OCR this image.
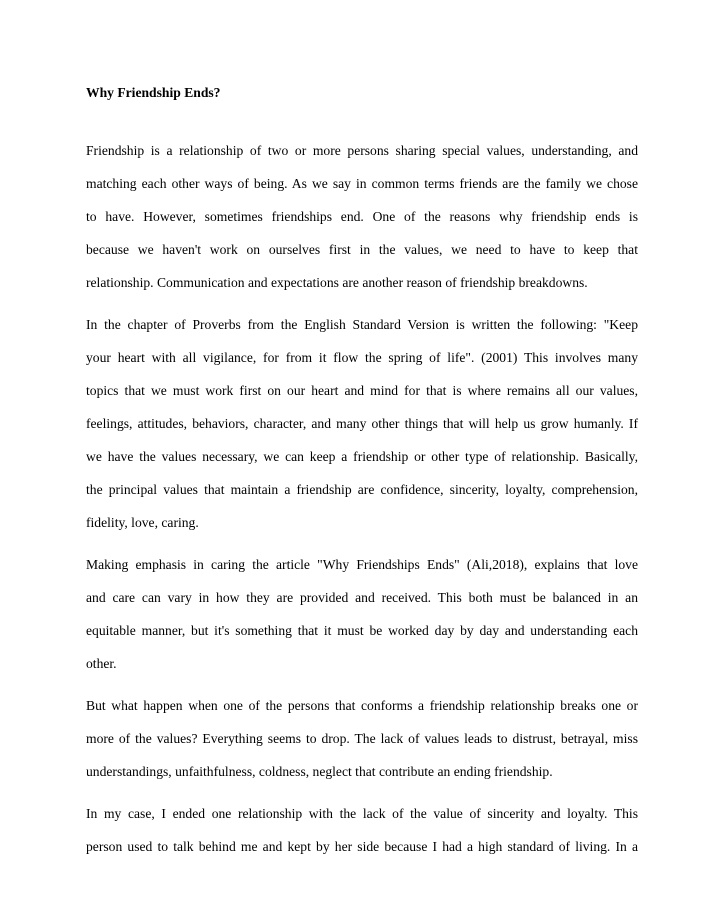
Why Friendship Ends?
Friendship is a relationship of two or more persons sharing special values, understanding, and
matching each other ways of being. As we say in common terms friends are the family we chose
to have. However, sometimes friendships end. One of the reasons why friendship ends is
because we haven't work on ourselves first in the values, we need to have to keep that
relationship. Communication and expectations are another reason of friendship breakdowns.
In the chapter of Proverbs from the English Standard Version is written the following: "Keep
your heart with all vigilance, for from it flow the spring of life". (2001) This involves many
topics that we must work first on our heart and mind for that is where remains all our values,
feelings, attitudes, behaviors, character, and many other things that will help us grow humanly. If
we have the values necessary, we can keep a friendship or other type of relationship. Basically,
the principal values that maintain a friendship are confidence, sincerity, loyalty, comprehension,
fidelity, love, caring.
Making emphasis in caring the article "Why Friendships Ends" (Ali,2018), explains that love
and care can vary in how they are provided and received. This both must be balanced in an
equitable manner, but it's something that it must be worked day by day and understanding each
other.
But what happen when one of the persons that conforms a friendship relationship breaks one or
more of the values? Everything seems to drop. The lack of values leads to distrust, betrayal, miss
understandings, unfaithfulness, coldness, neglect that contribute an ending friendship.
In my case, I ended one relationship with the lack of the value of sincerity and loyalty. This
person used to talk behind me and kept by her side because I had a high standard of living. In a
